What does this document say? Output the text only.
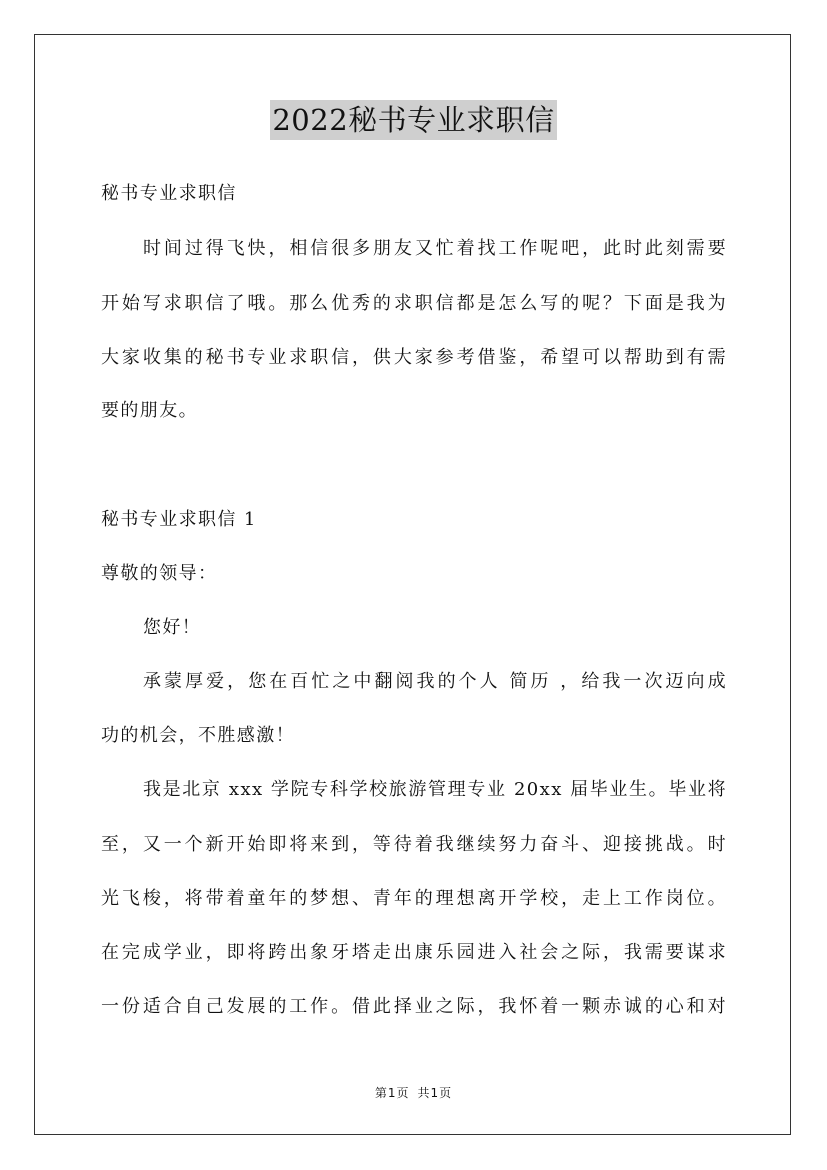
2022秘书专业求职信
秘书专业求职信
时间过得飞快，相信很多朋友又忙着找工作呢吧，此时此刻需要
开始写求职信了哦。那么优秀的求职信都是怎么写的呢？下面是我为
大家收集的秘书专业求职信，供大家参考借鉴，希望可以帮助到有需
要的朋友。
秘书专业求职信 1
尊敬的领导：
您好！
承蒙厚爱，您在百忙之中翻阅我的个人 简历 ，给我一次迈向成
功的机会，不胜感激！
我是北京 xxx 学院专科学校旅游管理专业 20xx 届毕业生。毕业将
至，又一个新开始即将来到，等待着我继续努力奋斗、迎接挑战。时
光飞梭，将带着童年的梦想、青年的理想离开学校，走上工作岗位。
在完成学业，即将跨出象牙塔走出康乐园进入社会之际，我需要谋求
一份适合自己发展的工作。借此择业之际，我怀着一颗赤诚的心和对
第1页 共1页
